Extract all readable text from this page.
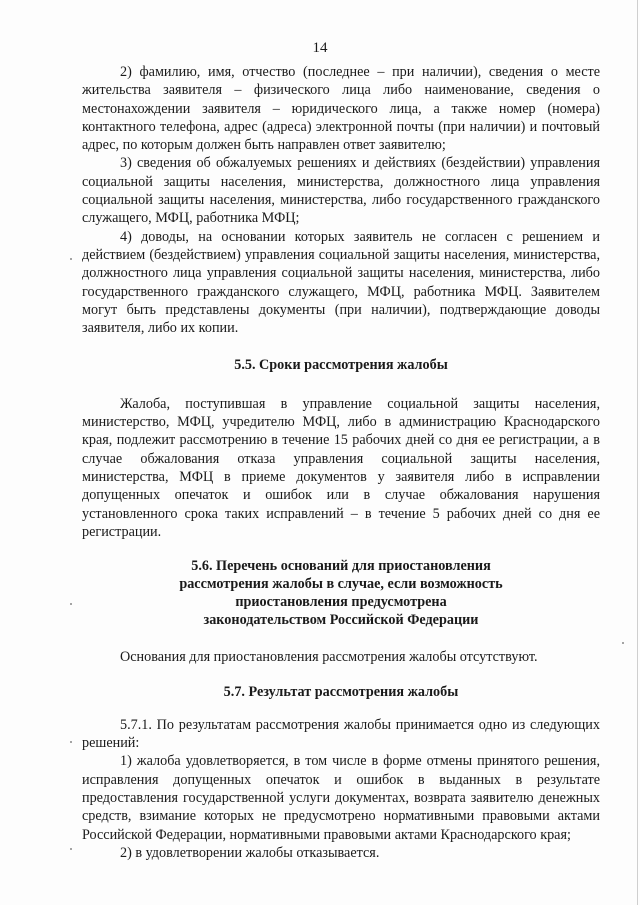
14

2) фамилию, имя, отчество (последнее – при наличии), сведения о месте жительства заявителя – физического лица либо наименование, сведения о местонахождении заявителя – юридического лица, а также номер (номера) контактного телефона, адрес (адреса) электронной почты (при наличии) и почтовый адрес, по которым должен быть направлен ответ заявителю;

3) сведения об обжалуемых решениях и действиях (бездействии) управления социальной защиты населения, министерства, должностного лица управления социальной защиты населения, министерства, либо государственного гражданского служащего, МФЦ, работника МФЦ;

4) доводы, на основании которых заявитель не согласен с решением и действием (бездействием) управления социальной защиты населения, министерства, должностного лица управления социальной защиты населения, министерства, либо государственного гражданского служащего, МФЦ, работника МФЦ. Заявителем могут быть представлены документы (при наличии), подтверждающие доводы заявителя, либо их копии.

5.5. Сроки рассмотрения жалобы

Жалоба, поступившая в управление социальной защиты населения, министерство, МФЦ, учредителю МФЦ, либо в администрацию Краснодарского края, подлежит рассмотрению в течение 15 рабочих дней со дня ее регистрации, а в случае обжалования отказа управления социальной защиты населения, министерства, МФЦ в приеме документов у заявителя либо в исправлении допущенных опечаток и ошибок или в случае обжалования нарушения установленного срока таких исправлений – в течение 5 рабочих дней со дня ее регистрации.

5.6. Перечень оснований для приостановления
рассмотрения жалобы в случае, если возможность
приостановления предусмотрена
законодательством Российской Федерации

Основания для приостановления рассмотрения жалобы отсутствуют.

5.7. Результат рассмотрения жалобы

5.7.1. По результатам рассмотрения жалобы принимается одно из следующих решений:

1) жалоба удовлетворяется, в том числе в форме отмены принятого решения, исправления допущенных опечаток и ошибок в выданных в результате предоставления государственной услуги документах, возврата заявителю денежных средств, взимание которых не предусмотрено нормативными правовыми актами Российской Федерации, нормативными правовыми актами Краснодарского края;

2) в удовлетворении жалобы отказывается.
